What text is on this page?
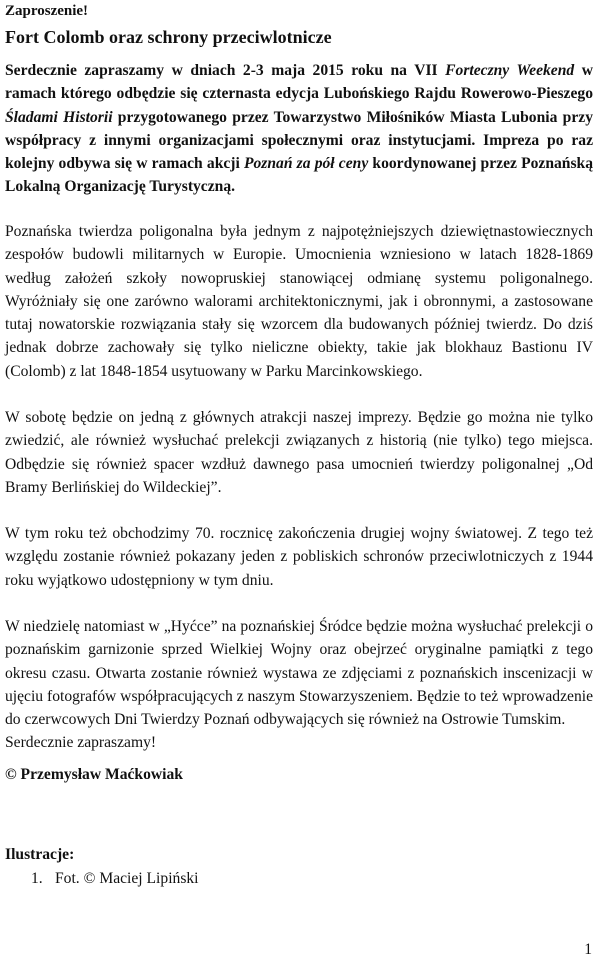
Zaproszenie!
Fort Colomb oraz schrony przeciwlotnicze

Serdecznie zapraszamy w dniach 2-3 maja 2015 roku na VII Forteczny Weekend w ramach którego odbędzie się czternasta edycja Lubońskiego Rajdu Rowerowo-Pieszego Śladami Historii przygotowanego przez Towarzystwo Miłośników Miasta Lubonia przy współpracy z innymi organizacjami społecznymi oraz instytucjami. Impreza po raz kolejny odbywa się w ramach akcji Poznań za pół ceny koordynowanej przez Poznańską Lokalną Organizację Turystyczną.

Poznańska twierdza poligonalna była jednym z najpotężniejszych dziewiętnastowiecznych zespołów budowli militarnych w Europie. Umocnienia wzniesiono w latach 1828-1869 według założeń szkoły nowopruskiej stanowiącej odmianę systemu poligonalnego. Wyróżniały się one zarówno walorami architektonicznymi, jak i obronnymi, a zastosowane tutaj nowatorskie rozwiązania stały się wzorcem dla budowanych później twierdz. Do dziś jednak dobrze zachowały się tylko nieliczne obiekty, takie jak blokhauz Bastionu IV (Colomb) z lat 1848-1854 usytuowany w Parku Marcinkowskiego.

W sobotę będzie on jedną z głównych atrakcji naszej imprezy. Będzie go można nie tylko zwiedzić, ale również wysłuchać prelekcji związanych z historią (nie tylko) tego miejsca. Odbędzie się również spacer wzdłuż dawnego pasa umocnień twierdzy poligonalnej „Od Bramy Berlińskiej do Wildeckiej”.

W tym roku też obchodzimy 70. rocznicę zakończenia drugiej wojny światowej. Z tego też względu zostanie również pokazany jeden z pobliskich schronów przeciwlotniczych z 1944 roku wyjątkowo udostępniony w tym dniu.

W niedzielę natomiast w „Hyćce” na poznańskiej Śródce będzie można wysłuchać prelekcji o poznańskim garnizonie sprzed Wielkiej Wojny oraz obejrzeć oryginalne pamiątki z tego okresu czasu. Otwarta zostanie również wystawa ze zdjęciami z poznańskich inscenizacji w ujęciu fotografów współpracujących z naszym Stowarzyszeniem. Będzie to też wprowadzenie do czerwcowych Dni Twierdzy Poznań odbywających się również na Ostrowie Tumskim.

Serdecznie zapraszamy!

© Przemysław Maćkowiak
Ilustracje:
1. Fot. © Maciej Lipiński
1
